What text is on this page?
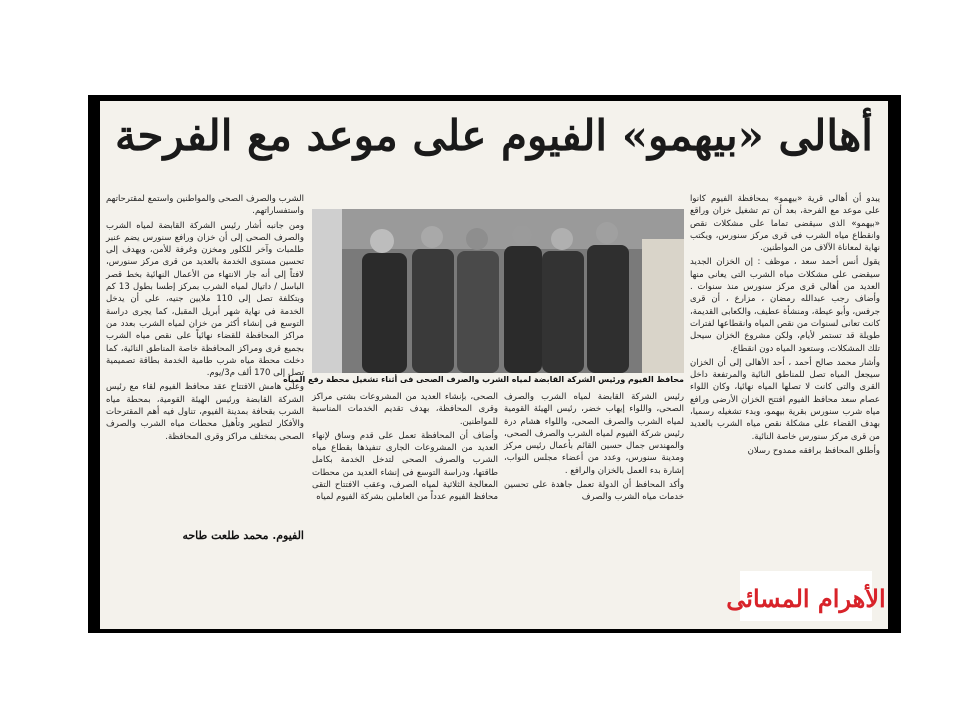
أهالى «بيهمو» الفيوم على موعد مع الفرحة

يبدو أن أهالى قرية «بيهمو» بمحافظة الفيوم كانوا على موعد مع الفرحة، بعد أن تم تشغيل خزان وراقع «بيهمو» الذى سيقضى تماما على مشكلات نقص وانقطاع مياه الشرب فى قرى مركز سنورس، ويكتب نهاية لمعاناة الآلاف من المواطنين.

يقول أنس أحمد سعد ، موظف : إن الخزان الجديد سيقضى على مشكلات مياه الشرب التى يعانى منها العديد من أهالى قرى مركز سنورس منذ سنوات . وأضاف رجب عبدالله رمضان ، مزارع ، أن قرى جرفس، وأبو عيطة، ومنشأة عطيف، والكعابى القديمة، كانت تعانى لسنوات من نقص المياه وانقطاعها لفترات طويلة قد تستمر لأيام، ولكن مشروع الخزان سيحل تلك المشكلات، وستعود المياه دون انقطاع.

وأشار محمد صالح أحمد ، أحد الأهالى إلى أن الخزان سيجعل المياه تصل للمناطق النائية والمرتفعة داخل القرى والتى كانت لا تصلها المياه نهائيا، وكان اللواء عصام سعد محافظ الفيوم افتتح الخزان الأرضى ورافع مياه شرب سنورس بقرية بيهمو، وبدء تشغيله رسميا، بهدف القضاء على مشكلة نقص مياه الشرب بالعديد من قرى مركز سنورس خاصة النائية.

وأطلق المحافظ برافقه ممدوح رسلان

محافظ الفيوم ورئيس الشركة القابضة لمياه الشرب والصرف الصحى فى أثناء تشغيل محطة رفع المياه

رئيس الشركة القابضة لمياه الشرب والصرف الصحى، واللواء إيهاب خضر، رئيس الهيئة القومية لمياه الشرب والصرف الصحى، واللواء هشام درة رئيس شركة الفيوم لمياه الشرب والصرف الصحى، والمهندس جمال حسين القائم بأعمال رئيس مركز ومدينة سنورس، وعدد من أعضاء مجلس النواب، إشارة بدء العمل بالخزان والرافع .

وأكد المحافظ أن الدولة تعمل جاهدة على تحسين خدمات مياه الشرب والصرف

الصحى، بإنشاء العديد من المشروعات بشتى مراكز وقرى المحافظة، بهدف تقديم الخدمات المناسبة للمواطنين.

وأضاف أن المحافظة تعمل على قدم وساق لإنهاء العديد من المشروعات الجارى تنفيذها بقطاع مياه الشرب والصرف الصحى لتدخل الخدمة بكامل طاقتها، ودراسة التوسع فى إنشاء العديد من محطات المعالجة الثلاثية لمياه الصرف، وعقب الافتتاح التقى محافظ الفيوم عدداً من العاملين بشركة الفيوم لمياه

الشرب والصرف الصحى والمواطنين واستمع لمقترحاتهم واستفساراتهم.

ومن جانبه أشار رئيس الشركة القابضة لمياه الشرب والصرف الصحى إلى أن خزان ورافع سنورس يضم عنبر طلمبات وآخر للكلور ومخزن وغرفة للأمن، ويهدف إلى تحسين مستوى الخدمة بالعديد من قرى مركز سنورس، لافتاً إلى أنه جار الانتهاء من الأعمال النهائية بخط قصر الباسل / داتيال لمياه الشرب بمركز إطسا بطول 13 كم وبتكلفة تصل إلى 110 ملايين جنيه، على أن يدخل الخدمة فى نهاية شهر أبريل المقبل، كما يجرى دراسة التوسع فى إنشاء أكثر من خزان لمياه الشرب بعدد من مراكز المحافظة للقضاء نهائياً على نقص مياه الشرب بجميع قرى ومراكز المحافظة خاصة المناطق النائية، كما دخلت محطة مياه شرب طامية الخدمة بطاقة تصميمية تصل إلى 170 ألف م3/يوم.

وعلى هامش الافتتاح عقد محافظ الفيوم لقاء مع رئيس الشركة القابضة ورئيس الهيئة القومية، بمحطة مياه الشرب بقحافة بمدينة الفيوم، تناول فيه أهم المقترحات والأفكار لتطوير وتأهيل محطات مياه الشرب والصرف الصحى بمختلف مراكز وقرى المحافظة.

الفيوم. محمد طلعت طاحه
الأهرام المسائى
